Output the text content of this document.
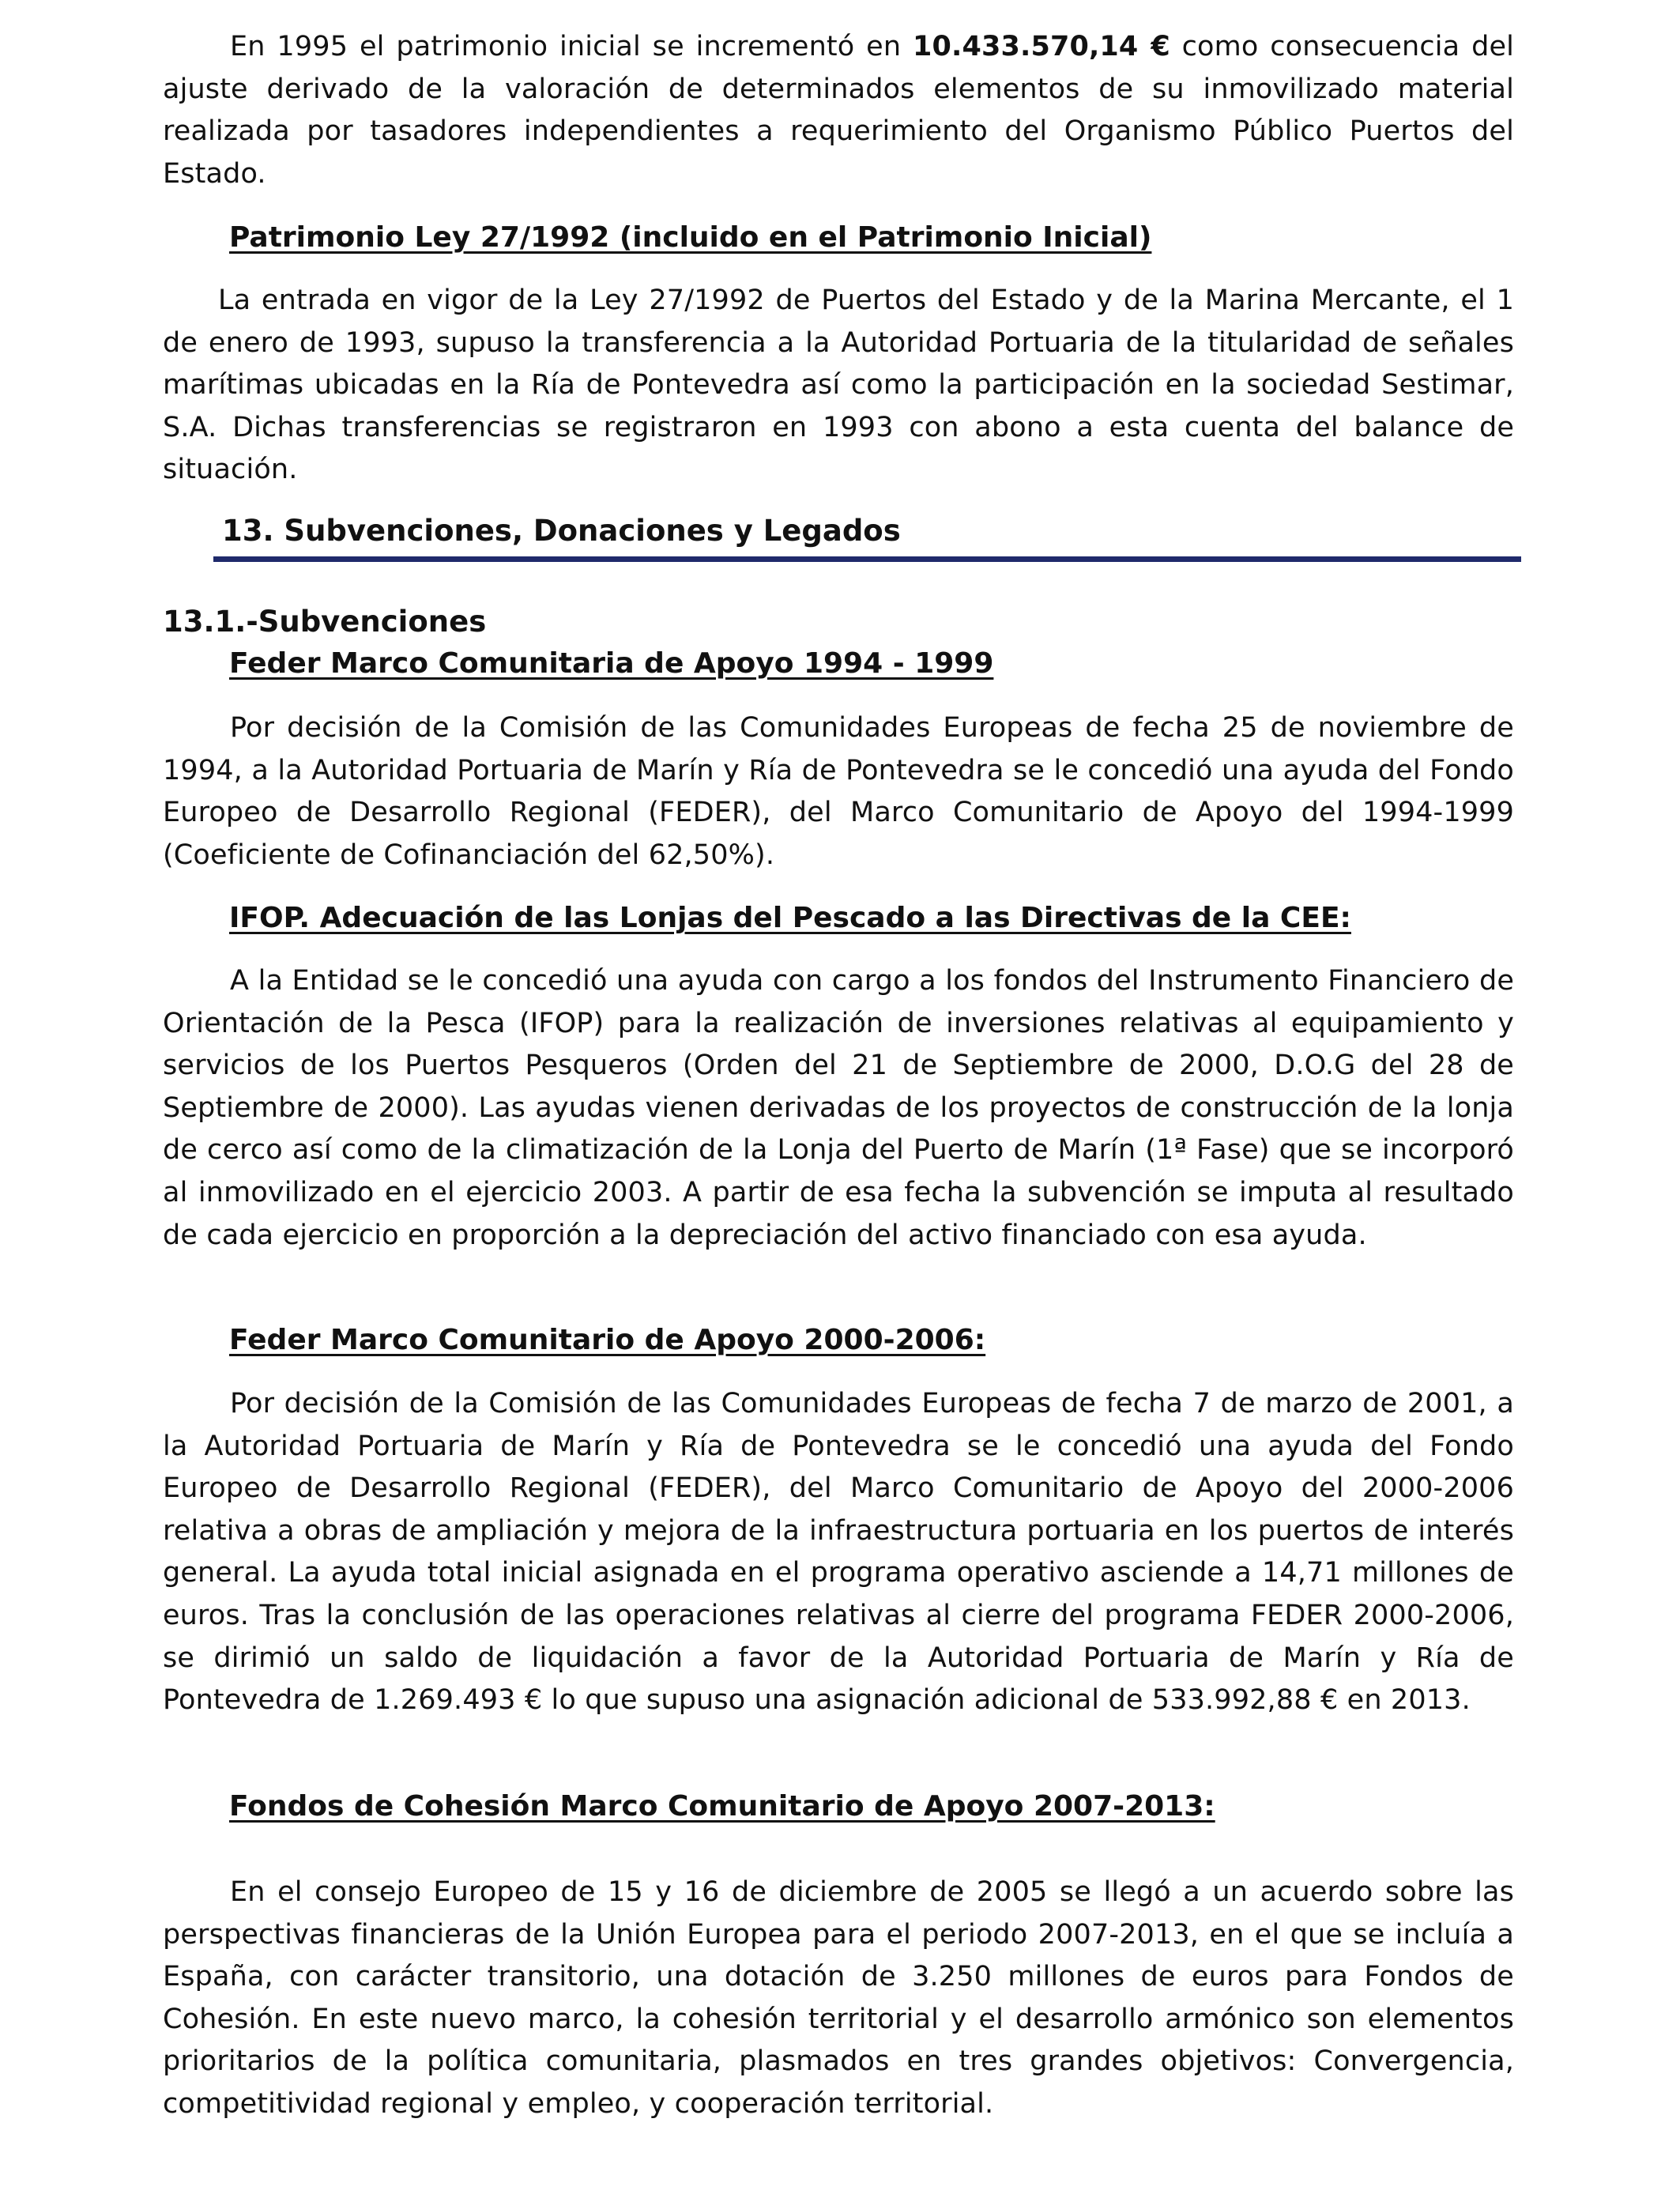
En 1995 el patrimonio inicial se incrementó en 10.433.570,14 € como consecuencia del ajuste derivado de la valoración de determinados elementos de su inmovilizado material realizada por tasadores independientes a requerimiento del Organismo Público Puertos del Estado.

Patrimonio Ley 27/1992 (incluido en el Patrimonio Inicial)

La entrada en vigor de la Ley 27/1992 de Puertos del Estado y de la Marina Mercante, el 1 de enero de 1993, supuso la transferencia a la Autoridad Portuaria de la titularidad de señales marítimas ubicadas en la Ría de Pontevedra así como la participación en la sociedad Sestimar, S.A. Dichas transferencias se registraron en 1993 con abono a esta cuenta del balance de situación.

13. Subvenciones, Donaciones y Legados
13.1.-Subvenciones
Feder Marco Comunitaria de Apoyo 1994 - 1999

Por decisión de la Comisión de las Comunidades Europeas de fecha 25 de noviembre de 1994, a la Autoridad Portuaria de Marín y Ría de Pontevedra se le concedió una ayuda del Fondo Europeo de Desarrollo Regional (FEDER), del Marco Comunitario de Apoyo del 1994-1999 (Coeficiente de Cofinanciación del 62,50%).

IFOP. Adecuación de las Lonjas del Pescado a las Directivas de la CEE:

A la Entidad se le concedió una ayuda con cargo a los fondos del Instrumento Financiero de Orientación de la Pesca (IFOP) para la realización de inversiones relativas al equipamiento y servicios de los Puertos Pesqueros (Orden del 21 de Septiembre de 2000, D.O.G del 28 de Septiembre de 2000). Las ayudas vienen derivadas de los proyectos de construcción de la lonja de cerco así como de la climatización de la Lonja del Puerto de Marín (1ª Fase) que se incorporó al inmovilizado en el ejercicio 2003. A partir de esa fecha la subvención se imputa al resultado de cada ejercicio en proporción a la depreciación del activo financiado con esa ayuda.

Feder Marco Comunitario de Apoyo 2000-2006:

Por decisión de la Comisión de las Comunidades Europeas de fecha 7 de marzo de 2001, a la Autoridad Portuaria de Marín y Ría de Pontevedra se le concedió una ayuda del Fondo Europeo de Desarrollo Regional (FEDER), del Marco Comunitario de Apoyo del 2000-2006 relativa a obras de ampliación y mejora de la infraestructura portuaria en los puertos de interés general. La ayuda total inicial asignada en el programa operativo asciende a 14,71 millones de euros. Tras la conclusión de las operaciones relativas al cierre del programa FEDER 2000-2006, se dirimió un saldo de liquidación a favor de la Autoridad Portuaria de Marín y Ría de Pontevedra de 1.269.493 € lo que supuso una asignación adicional de 533.992,88 € en 2013.

Fondos de Cohesión Marco Comunitario de Apoyo 2007-2013:

En el consejo Europeo de 15 y 16 de diciembre de 2005 se llegó a un acuerdo sobre las perspectivas financieras de la Unión Europea para el periodo 2007-2013, en el que se incluía a España, con carácter transitorio, una dotación de 3.250 millones de euros para Fondos de Cohesión. En este nuevo marco, la cohesión territorial y el desarrollo armónico son elementos prioritarios de la política comunitaria, plasmados en tres grandes objetivos: Convergencia, competitividad regional y empleo, y cooperación territorial.
